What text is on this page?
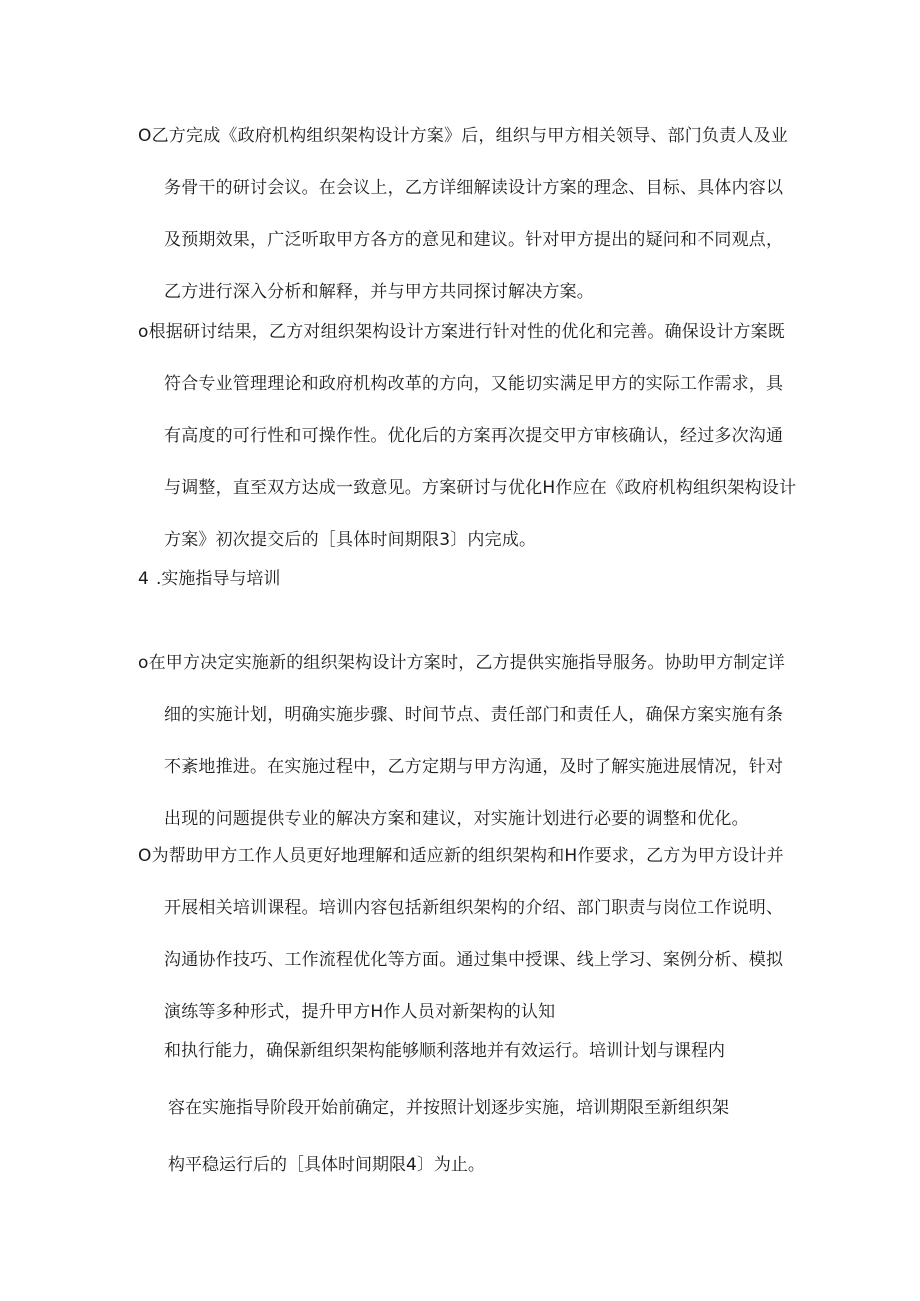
O乙方完成《政府机构组织架构设计方案》后，组织与甲方相关领导、部门负责人及业
务骨干的研讨会议。在会议上，乙方详细解读设计方案的理念、目标、具体内容以
及预期效果，广泛听取甲方各方的意见和建议。针对甲方提出的疑问和不同观点，
乙方进行深入分析和解释，并与甲方共同探讨解决方案。
o根据研讨结果，乙方对组织架构设计方案进行针对性的优化和完善。确保设计方案既
符合专业管理理论和政府机构改革的方向，又能切实满足甲方的实际工作需求，具
有高度的可行性和可操作性。优化后的方案再次提交甲方审核确认，经过多次沟通
与调整，直至双方达成一致意见。方案研讨与优化H作应在《政府机构组织架构设计
方案》初次提交后的［具体时间期限3〕内完成。
4 .实施指导与培训
o在甲方决定实施新的组织架构设计方案时，乙方提供实施指导服务。协助甲方制定详
细的实施计划，明确实施步骤、时间节点、责任部门和责任人，确保方案实施有条
不紊地推进。在实施过程中，乙方定期与甲方沟通，及时了解实施进展情况，针对
出现的问题提供专业的解决方案和建议，对实施计划进行必要的调整和优化。
O为帮助甲方工作人员更好地理解和适应新的组织架构和H作要求，乙方为甲方设计并
开展相关培训课程。培训内容包括新组织架构的介绍、部门职责与岗位工作说明、
沟通协作技巧、工作流程优化等方面。通过集中授课、线上学习、案例分析、模拟
演练等多种形式，提升甲方H作人员对新架构的认知
和执行能力，确保新组织架构能够顺利落地并有效运行。培训计划与课程内
容在实施指导阶段开始前确定，并按照计划逐步实施，培训期限至新组织架
构平稳运行后的［具体时间期限4〕为止。
